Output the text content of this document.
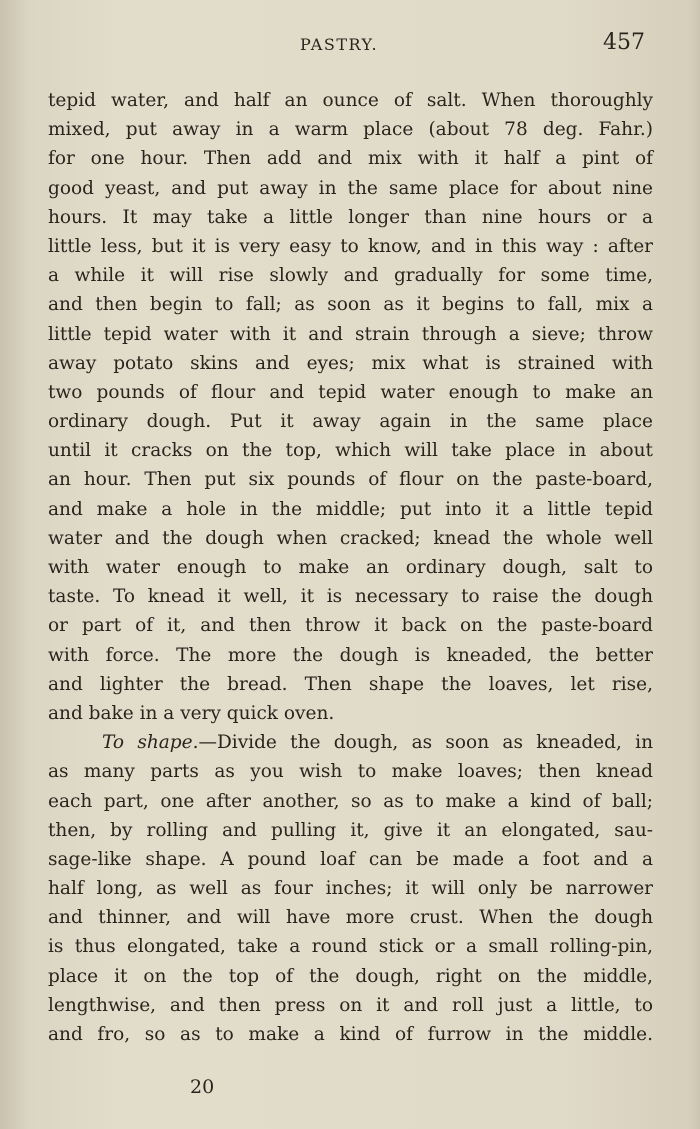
PASTRY.	457
tepid water, and half an ounce of salt. When thoroughly
mixed, put away in a warm place (about 78 deg. Fahr.)
for one hour. Then add and mix with it half a pint of
good yeast, and put away in the same place for about nine
hours. It may take a little longer than nine hours or a
little less, but it is very easy to know, and in this way : after
a while it will rise slowly and gradually for some time,
and then begin to fall; as soon as it begins to fall, mix a
little tepid water with it and strain through a sieve; throw
away potato skins and eyes; mix what is strained with
two pounds of flour and tepid water enough to make an
ordinary dough. Put it away again in the same place
until it cracks on the top, which will take place in about
an hour. Then put six pounds of flour on the paste-board,
and make a hole in the middle; put into it a little tepid
water and the dough when cracked; knead the whole well
with water enough to make an ordinary dough, salt to
taste. To knead it well, it is necessary to raise the dough
or part of it, and then throw it back on the paste-board
with force. The more the dough is kneaded, the better
and lighter the bread. Then shape the loaves, let rise,
and bake in a very quick oven.
To shape.—Divide the dough, as soon as kneaded, in
as many parts as you wish to make loaves; then knead
each part, one after another, so as to make a kind of ball;
then, by rolling and pulling it, give it an elongated, sau-
sage-like shape. A pound loaf can be made a foot and a
half long, as well as four inches; it will only be narrower
and thinner, and will have more crust. When the dough
is thus elongated, take a round stick or a small rolling-pin,
place it on the top of the dough, right on the middle,
lengthwise, and then press on it and roll just a little, to
and fro, so as to make a kind of furrow in the middle.
20
